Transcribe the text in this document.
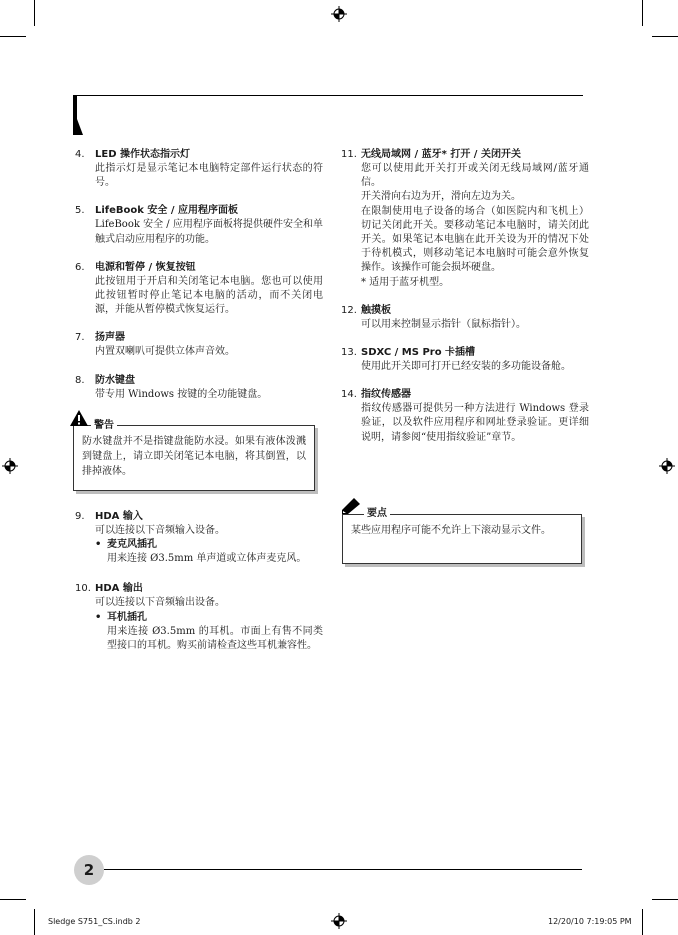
4.	LED 操作状态指示灯
此指示灯是显示笔记本电脑特定部件运行状态的符号。
5.	LifeBook 安全 / 应用程序面板
LifeBook 安全 / 应用程序面板将提供硬件安全和单触式启动应用程序的功能。
6.	电源和暂停 / 恢复按钮
此按钮用于开启和关闭笔记本电脑。您也可以使用此按钮暂时停止笔记本电脑的活动，而不关闭电源，并能从暂停模式恢复运行。
7.	扬声器
内置双喇叭可提供立体声音效。
8.	防水键盘
带专用 Windows 按键的全功能键盘。
防水键盘并不是指键盘能防水浸。如果有液体泼溅到键盘上，请立即关闭笔记本电脑，将其倒置，以排掉液体。
警告
9.	HDA 输入
可以连接以下音频输入设备。
• 麦克风插孔
用来连接 Ø3.5mm 单声道或立体声麦克风。
10. HDA 输出
可以连接以下音频输出设备。
• 耳机插孔
用来连接 Ø3.5mm 的耳机。市面上有售不同类型接口的耳机。购买前请检查这些耳机兼容性。
11. 无线局域网 / 蓝牙* 打开 / 关闭开关
您可以使用此开关打开或关闭无线局域网/蓝牙通信。
开关滑向右边为开，滑向左边为关。
在限制使用电子设备的场合（如医院内和飞机上）切记关闭此开关。要移动笔记本电脑时，请关闭此开关。如果笔记本电脑在此开关设为开的情况下处于待机模式，则移动笔记本电脑时可能会意外恢复操作。该操作可能会损坏硬盘。
* 适用于蓝牙机型。
12. 触摸板
可以用来控制显示指针（鼠标指针）。
13. SDXC / MS Pro 卡插槽
使用此开关即可打开已经安装的多功能设备舱。
14. 指纹传感器
指纹传感器可提供另一种方法进行 Windows 登录验证，以及软件应用程序和网址登录验证。更详细说明，请参阅“使用指纹验证”章节。
某些应用程序可能不允许上下滚动显示文件。
要点
2
Sledge S751_CS.indb 2	12/20/10 7:19:05 PM
